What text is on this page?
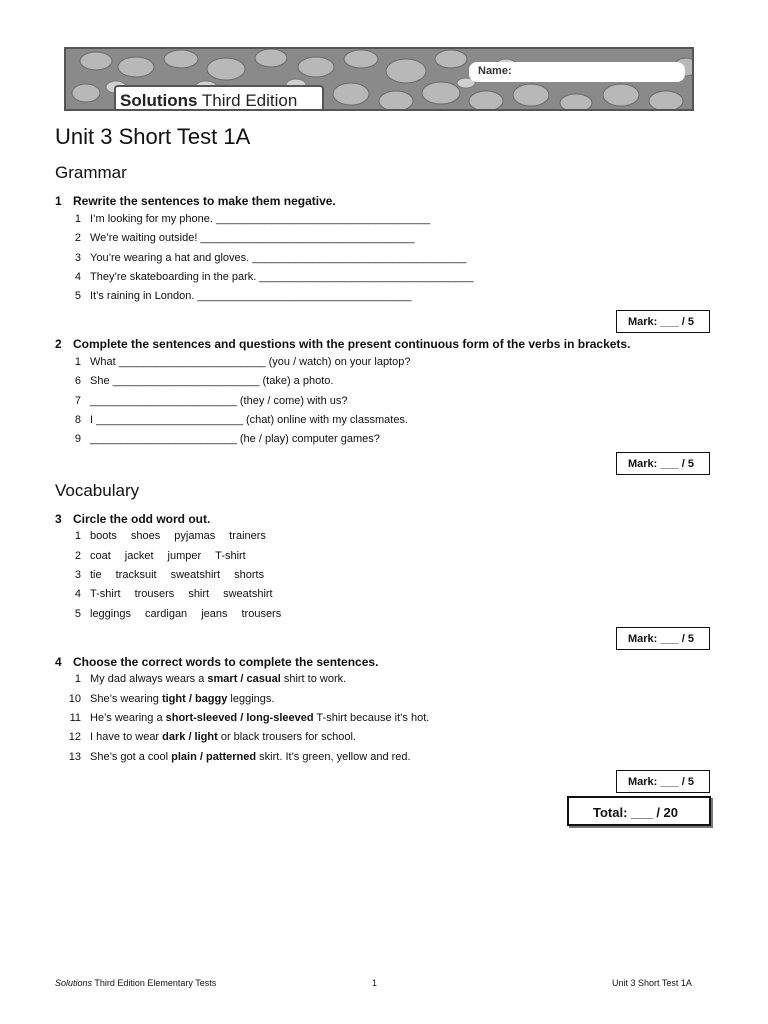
Solutions Third Edition
Name:
Unit 3 Short Test 1A
Grammar
1 Rewrite the sentences to make them negative.
1 I’m looking for my phone. ___________________________________
2 We’re waiting outside! ___________________________________
3 You’re wearing a hat and gloves. ___________________________________
4 They’re skateboarding in the park. ___________________________________
5 It’s raining in London. ___________________________________
Mark: ___ / 5
2 Complete the sentences and questions with the present continuous form of the verbs in brackets.
1 What ________________________ (you / watch) on your laptop?
6 She ________________________ (take) a photo.
7 ________________________ (they / come) with us?
8 I ________________________ (chat) online with my classmates.
9 ________________________ (he / play) computer games?
Mark: ___ / 5
Vocabulary
3 Circle the odd word out.
1 boots shoes pyjamas trainers
2 coat jacket jumper T-shirt
3 tie tracksuit sweatshirt shorts
4 T-shirt trousers shirt sweatshirt
5 leggings cardigan jeans trousers
Mark: ___ / 5
4 Choose the correct words to complete the sentences.
1 My dad always wears a smart / casual shirt to work.
10 She’s wearing tight / baggy leggings.
11 He’s wearing a short-sleeved / long-sleeved T-shirt because it’s hot.
12 I have to wear dark / light or black trousers for school.
13 She’s got a cool plain / patterned skirt. It’s green, yellow and red.
Mark: ___ / 5
Total: ___ / 20
Solutions Third Edition Elementary Tests	1	Unit 3 Short Test 1A
